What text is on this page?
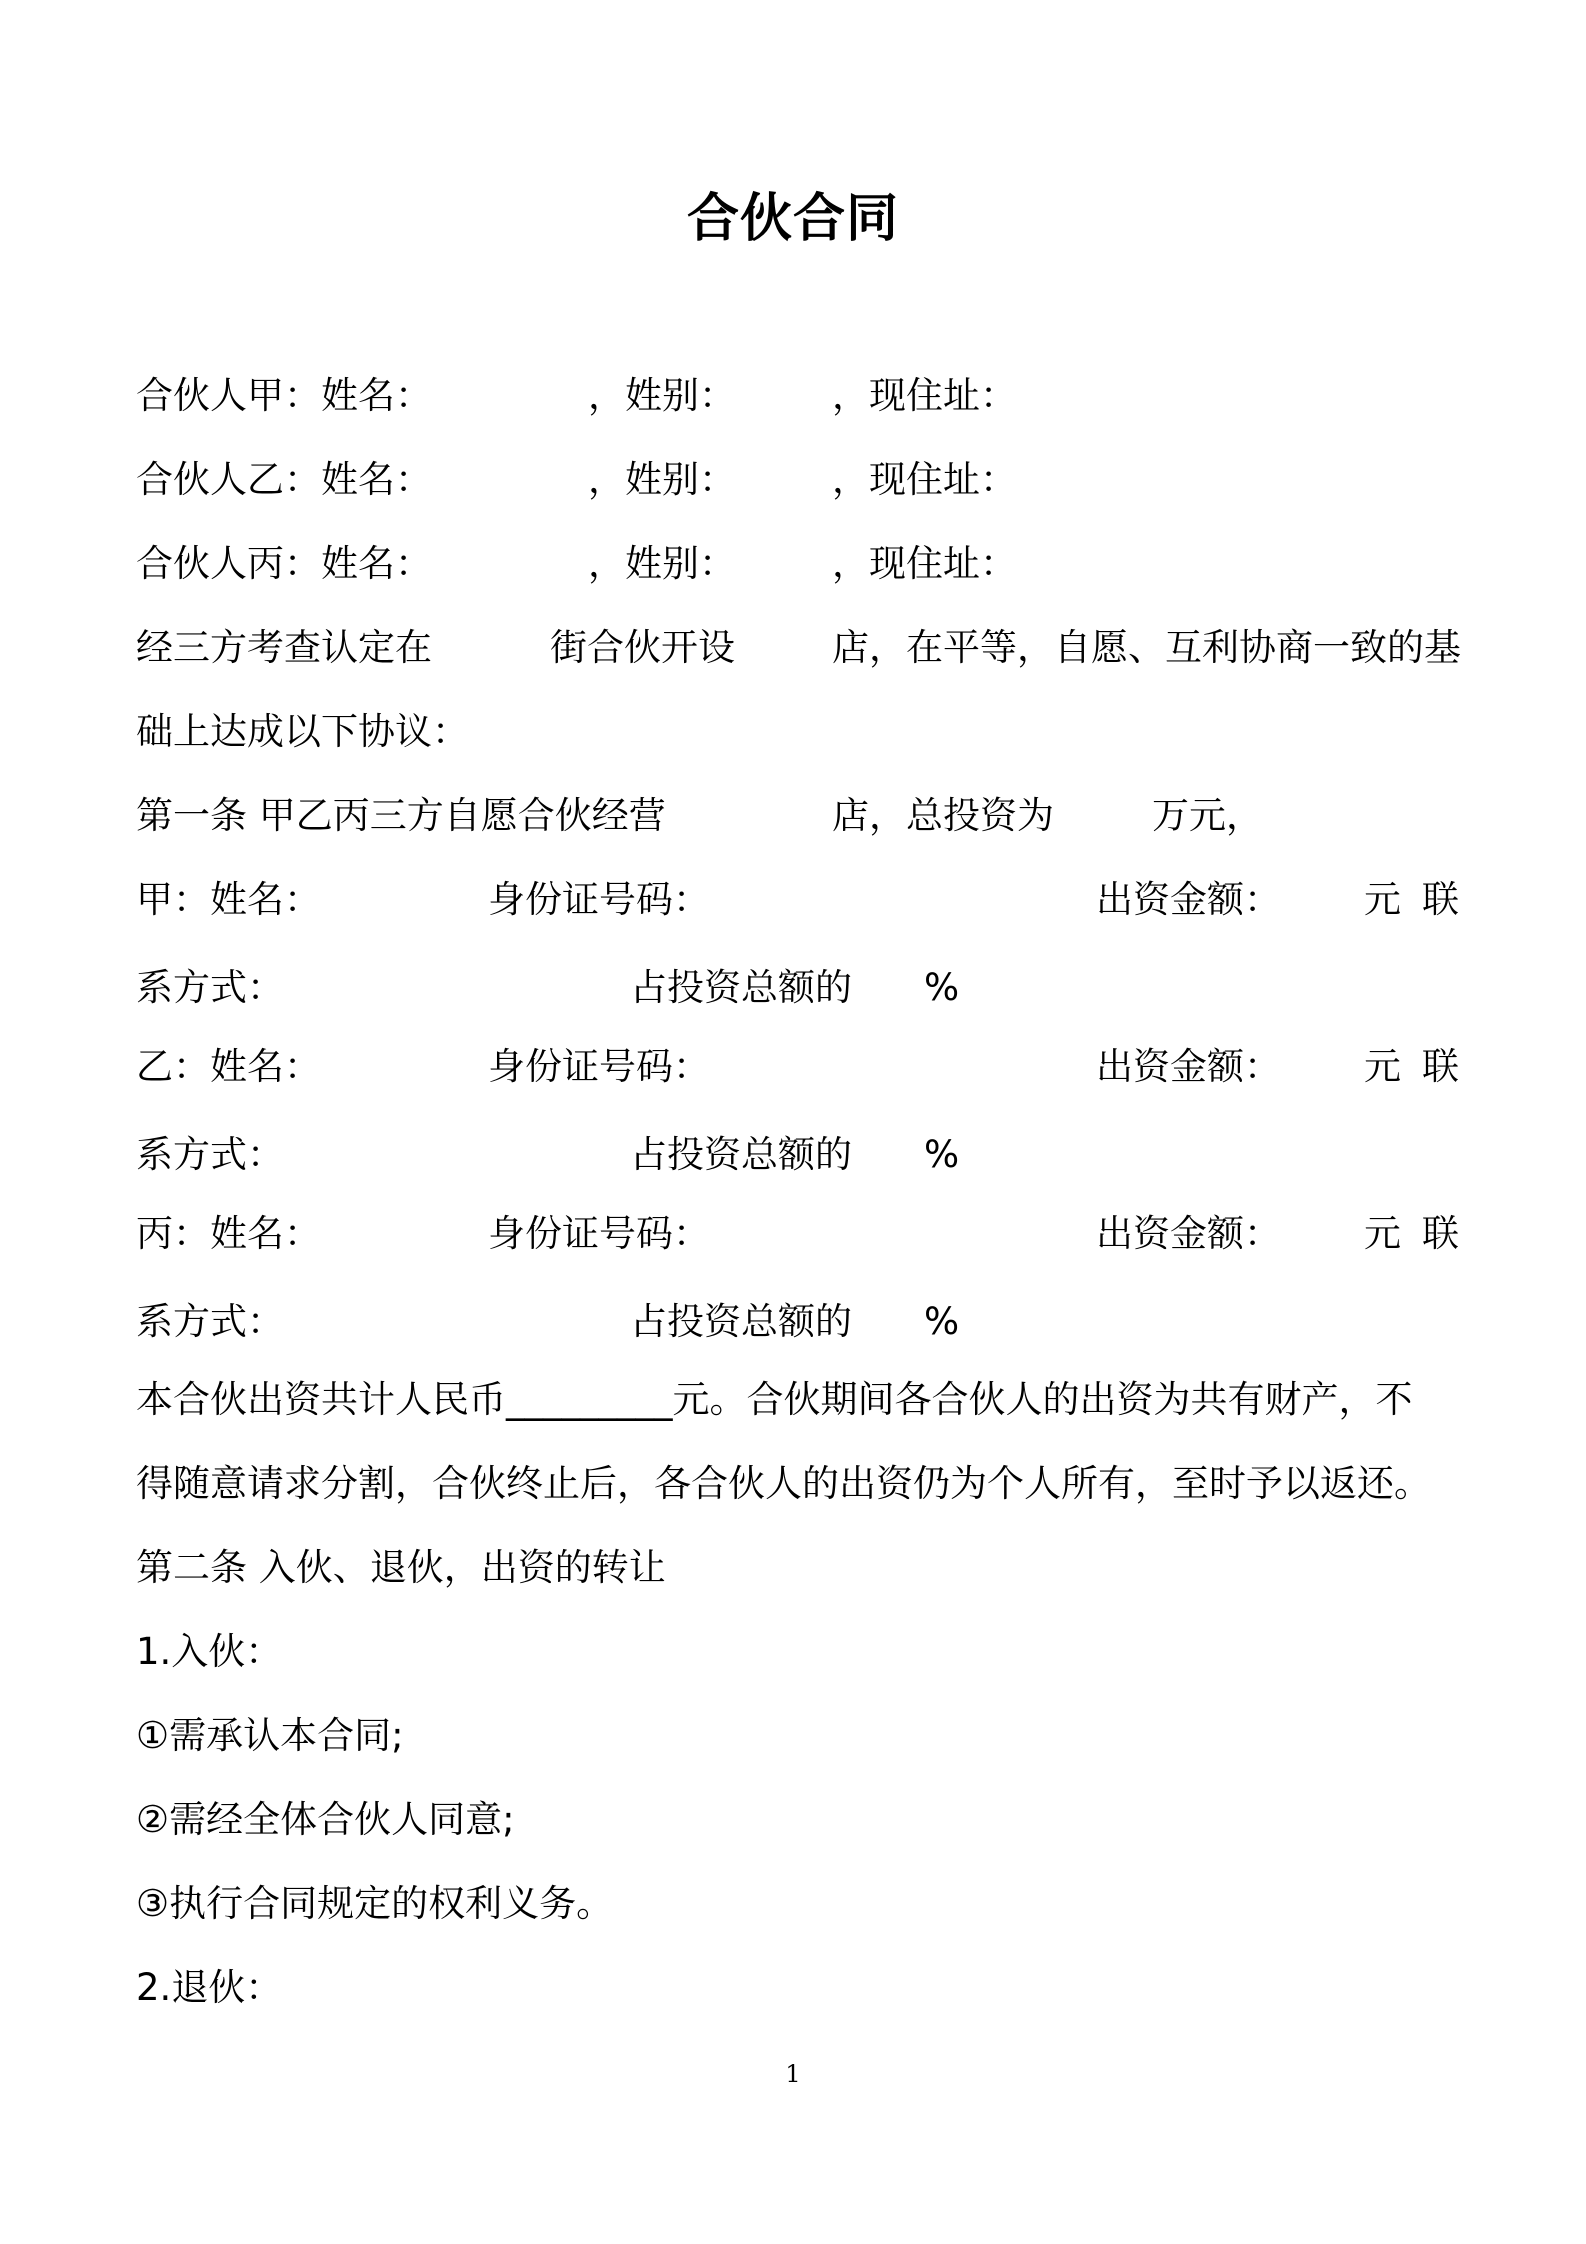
合伙合同
合伙人甲：姓名：	，姓别：	，现住址：
合伙人乙：姓名：	，姓别：	，现住址：
合伙人丙：姓名：	，姓别：	，现住址：
经三方考查认定在	街合伙开设	店，在平等，自愿、互利协商一致的基
础上达成以下协议：
第一条 甲乙丙三方自愿合伙经营	店，总投资为	万元，
甲：姓名：	身份证号码：	出资金额： 元 联
系方式：	占投资总额的 %
乙：姓名：	身份证号码：	出资金额： 元 联
系方式：	占投资总额的 %
丙：姓名：	身份证号码：	出资金额： 元 联
系方式：	占投资总额的 %
本合伙出资共计人民币_________元。合伙期间各合伙人的出资为共有财产，不
得随意请求分割，合伙终止后，各合伙人的出资仍为个人所有，至时予以返还。
第二条 入伙、退伙，出资的转让
1.入伙：
①需承认本合同;
②需经全体合伙人同意;
③执行合同规定的权利义务。
2.退伙：
1
